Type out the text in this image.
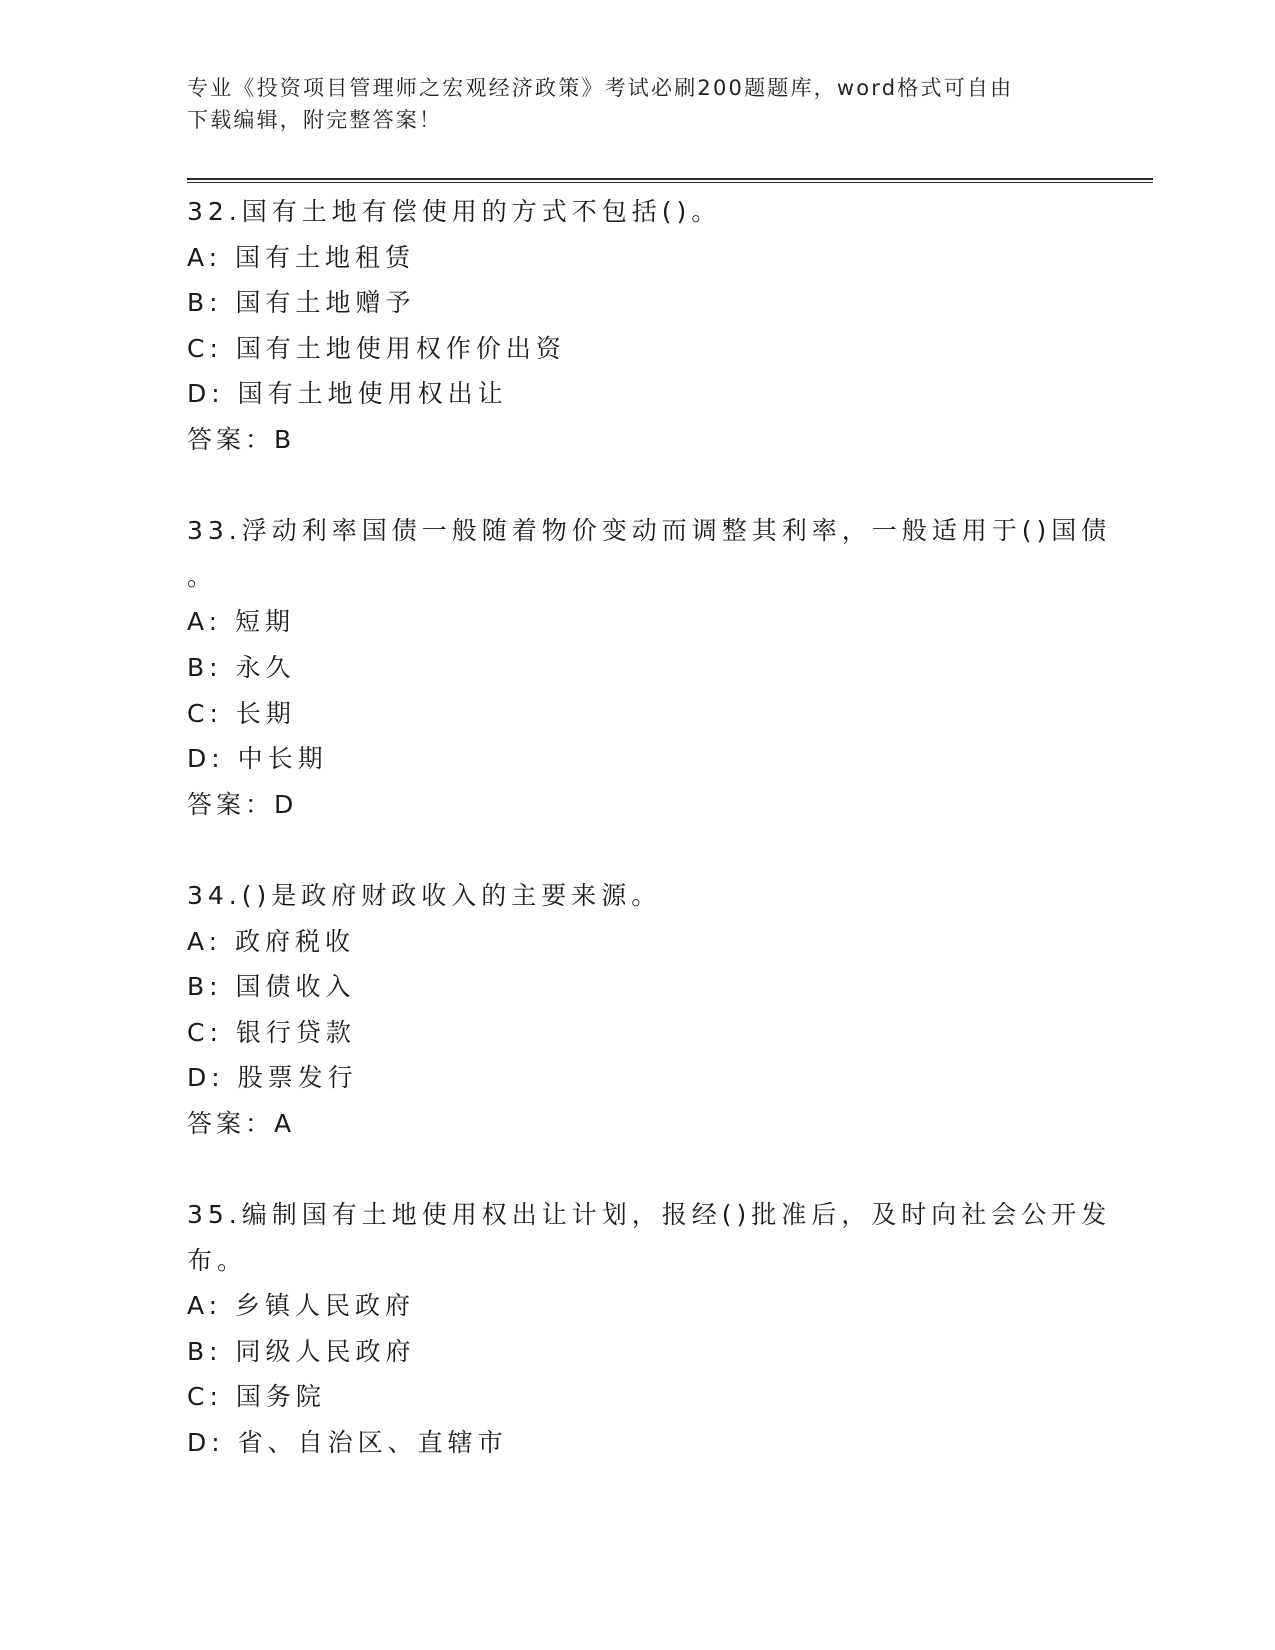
专业《投资项目管理师之宏观经济政策》考试必刷200题题库，word格式可自由
下载编辑，附完整答案！
32.国有土地有偿使用的方式不包括()。
A: 国有土地租赁
B: 国有土地赠予
C: 国有土地使用权作价出资
D: 国有土地使用权出让
答案：B
33.浮动利率国债一般随着物价变动而调整其利率，一般适用于()国债
。
A: 短期
B: 永久
C: 长期
D: 中长期
答案：D
34.()是政府财政收入的主要来源。
A: 政府税收
B: 国债收入
C: 银行贷款
D: 股票发行
答案：A
35.编制国有土地使用权出让计划，报经()批准后，及时向社会公开发
布。
A: 乡镇人民政府
B: 同级人民政府
C: 国务院
D: 省、自治区、直辖市
